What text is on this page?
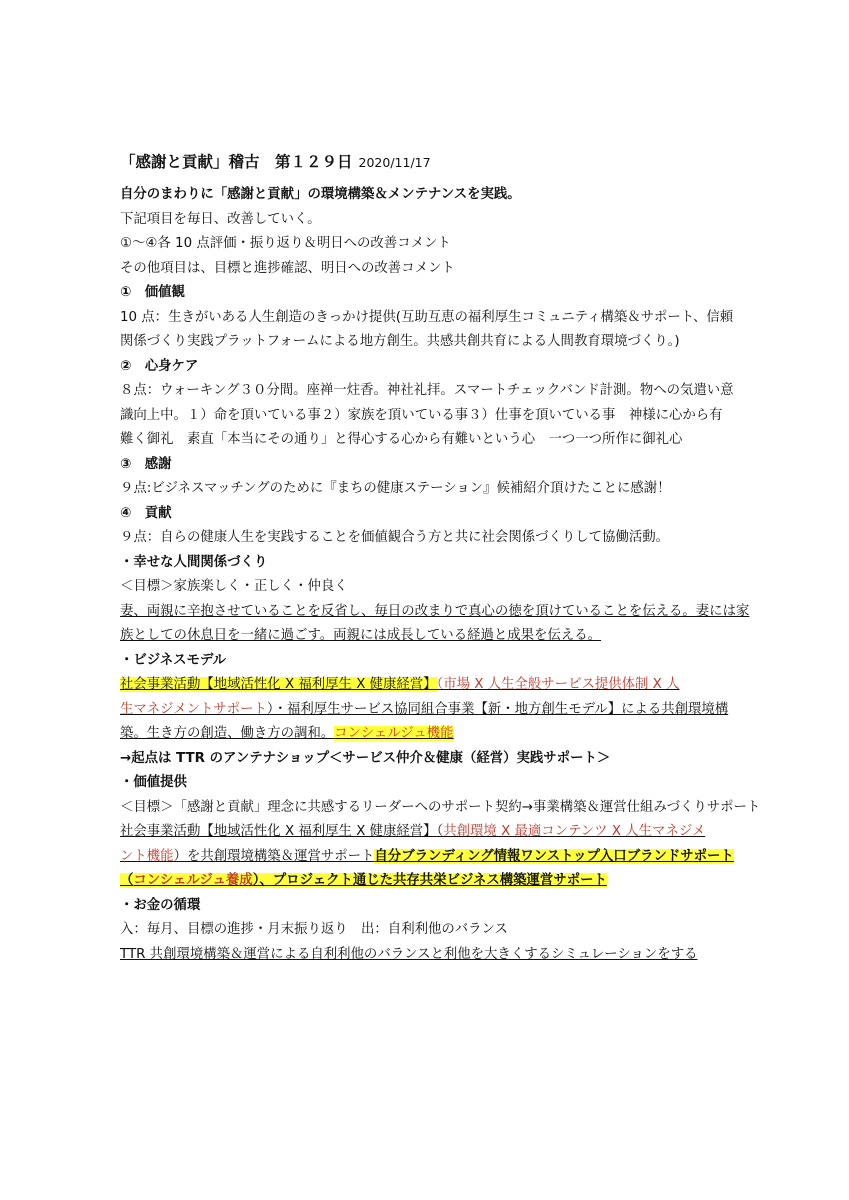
「感謝と貢献」稽古　第１２９日 2020/11/17
自分のまわりに「感謝と貢献」の環境構築＆メンテナンスを実践。
下記項目を毎日、改善していく。
①～④各 10 点評価・振り返り＆明日への改善コメント
その他項目は、目標と進捗確認、明日への改善コメント
①　価値観
10 点：生きがいある人生創造のきっかけ提供(互助互恵の福利厚生コミュニティ構築＆サポート、信頼
関係づくり実践プラットフォームによる地方創生。共感共創共育による人間教育環境づくり。)
②　心身ケア
８点：ウォーキング３０分間。座禅一炷香。神社礼拝。スマートチェックバンド計測。物への気遣い意
識向上中。１）命を頂いている事２）家族を頂いている事３）仕事を頂いている事　神様に心から有
難く御礼　素直「本当にその通り」と得心する心から有難いという心　一つ一つ所作に御礼心
③　感謝
９点:ビジネスマッチングのために『まちの健康ステーション』候補紹介頂けたことに感謝！
④　貢献
９点：自らの健康人生を実践することを価値観合う方と共に社会関係づくりして協働活動。
・幸せな人間関係づくり
＜目標＞家族楽しく・正しく・仲良く
妻、両親に辛抱させていることを反省し、毎日の改まりで真心の徳を頂けていることを伝える。妻には家
族としての休息日を一緒に過ごす。両親には成長している経過と成果を伝える。
・ビジネスモデル
社会事業活動【地域活性化 X 福利厚生 X 健康経営】（市場 X 人生全般サービス提供体制 X 人
生マネジメントサポート）・福利厚生サービス協同組合事業【新・地方創生モデル】による共創環境構
築。生き方の創造、働き方の調和。コンシェルジュ機能
→起点は TTR のアンテナショップ＜サービス仲介＆健康（経営）実践サポート＞
・価値提供
＜目標＞「感謝と貢献」理念に共感するリーダーへのサポート契約→事業構築＆運営仕組みづくりサポート
社会事業活動【地域活性化 X 福利厚生 X 健康経営】（共創環境 X 最適コンテンツ X 人生マネジメ
ント機能）を共創環境構築＆運営サポート自分ブランディング情報ワンストップ入口ブランドサポート
（コンシェルジュ養成）、プロジェクト通じた共存共栄ビジネス構築運営サポート
・お金の循環
入：毎月、目標の進捗・月末振り返り　出：自利利他のバランス
TTR 共創環境構築＆運営による自利利他のバランスと利他を大きくするシミュレーションをする
